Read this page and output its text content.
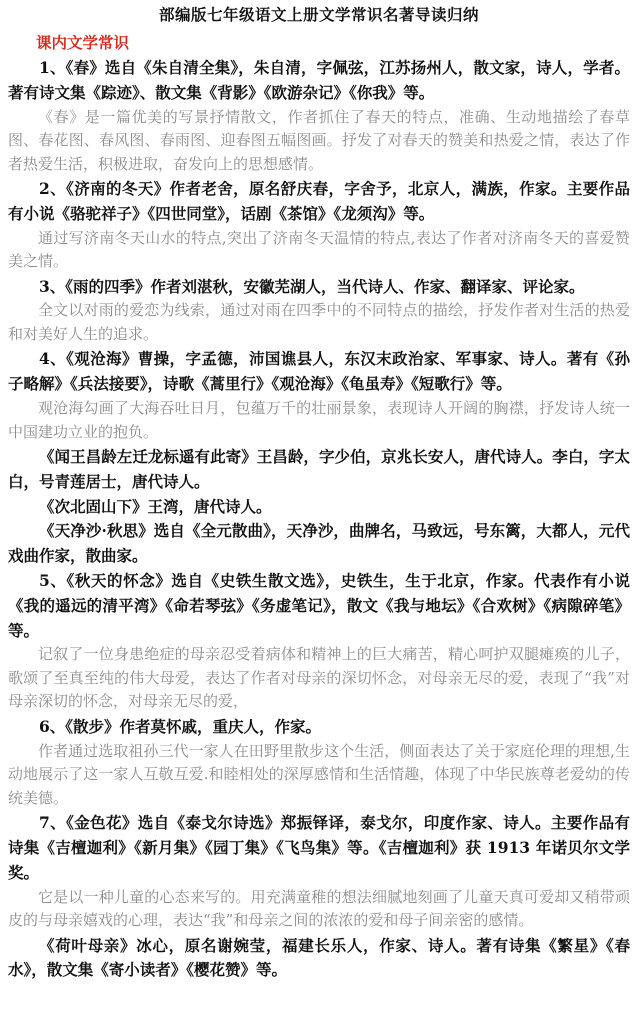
部编版七年级语文上册文学常识名著导读归纳
课内文学常识

1、《春》选自《朱自清全集》，朱自清，字佩弦，江苏扬州人，散文家，诗人，学者。著有诗文集《踪迹》、散文集《背影》《欧游杂记》《你我》等。

《春》是一篇优美的写景抒情散文，作者抓住了春天的特点，准确、生动地描绘了春草图、春花图、春风图、春雨图、迎春图五幅图画。抒发了对春天的赞美和热爱之情，表达了作者热爱生活，积极进取，奋发向上的思想感情。

2、《济南的冬天》作者老舍，原名舒庆春，字舍予，北京人，满族，作家。主要作品有小说《骆驼祥子》《四世同堂》，话剧《茶馆》《龙须沟》等。

通过写济南冬天山水的特点,突出了济南冬天温情的特点,表达了作者对济南冬天的喜爱赞美之情。

3、《雨的四季》作者刘湛秋，安徽芜湖人，当代诗人、作家、翻译家、评论家。

全文以对雨的爱恋为线索，通过对雨在四季中的不同特点的描绘，抒发作者对生活的热爱和对美好人生的追求。

4、《观沧海》曹操，字孟德，沛国谯县人，东汉末政治家、军事家、诗人。著有《孙子略解》《兵法接要》，诗歌《蒿里行》《观沧海》《龟虽寿》《短歌行》等。

观沧海勾画了大海吞吐日月，包蕴万千的壮丽景象，表现诗人开阔的胸襟，抒发诗人统一中国建功立业的抱负。

《闻王昌龄左迁龙标遥有此寄》王昌龄，字少伯，京兆长安人，唐代诗人。李白，字太白，号青莲居士，唐代诗人。

《次北固山下》王湾，唐代诗人。

《天净沙·秋思》选自《全元散曲》，天净沙，曲牌名，马致远，号东篱，大都人，元代戏曲作家，散曲家。

5、《秋天的怀念》选自《史铁生散文选》，史铁生，生于北京，作家。代表作有小说《我的遥远的清平湾》《命若琴弦》《务虚笔记》，散文《我与地坛》《合欢树》《病隙碎笔》等。

记叙了一位身患绝症的母亲忍受着病体和精神上的巨大痛苦，精心呵护双腿瘫痪的儿子，歌颂了至真至纯的伟大母爱，表达了作者对母亲的深切怀念，对母亲无尽的爱，表现了“我”对母亲深切的怀念，对母亲无尽的爱，

6、《散步》作者莫怀戚，重庆人，作家。

作者通过选取祖孙三代一家人在田野里散步这个生活，侧面表达了关于家庭伦理的理想,生动地展示了这一家人互敬互爱.和睦相处的深厚感情和生活情趣，体现了中华民族尊老爱幼的传统美德。

7、《金色花》选自《泰戈尔诗选》郑振铎译，泰戈尔，印度作家、诗人。主要作品有诗集《吉檀迦利》《新月集》《园丁集》《飞鸟集》等。《吉檀迦利》获 1913 年诺贝尔文学奖。

它是以一种儿童的心态来写的。用充满童稚的想法细腻地刻画了儿童天真可爱却又稍带顽皮的与母亲嬉戏的心理，表达“我”和母亲之间的浓浓的爱和母子间亲密的感情。

《荷叶母亲》冰心，原名谢婉莹，福建长乐人，作家、诗人。著有诗集《繁星》《春水》，散文集《寄小读者》《樱花赞》等。
